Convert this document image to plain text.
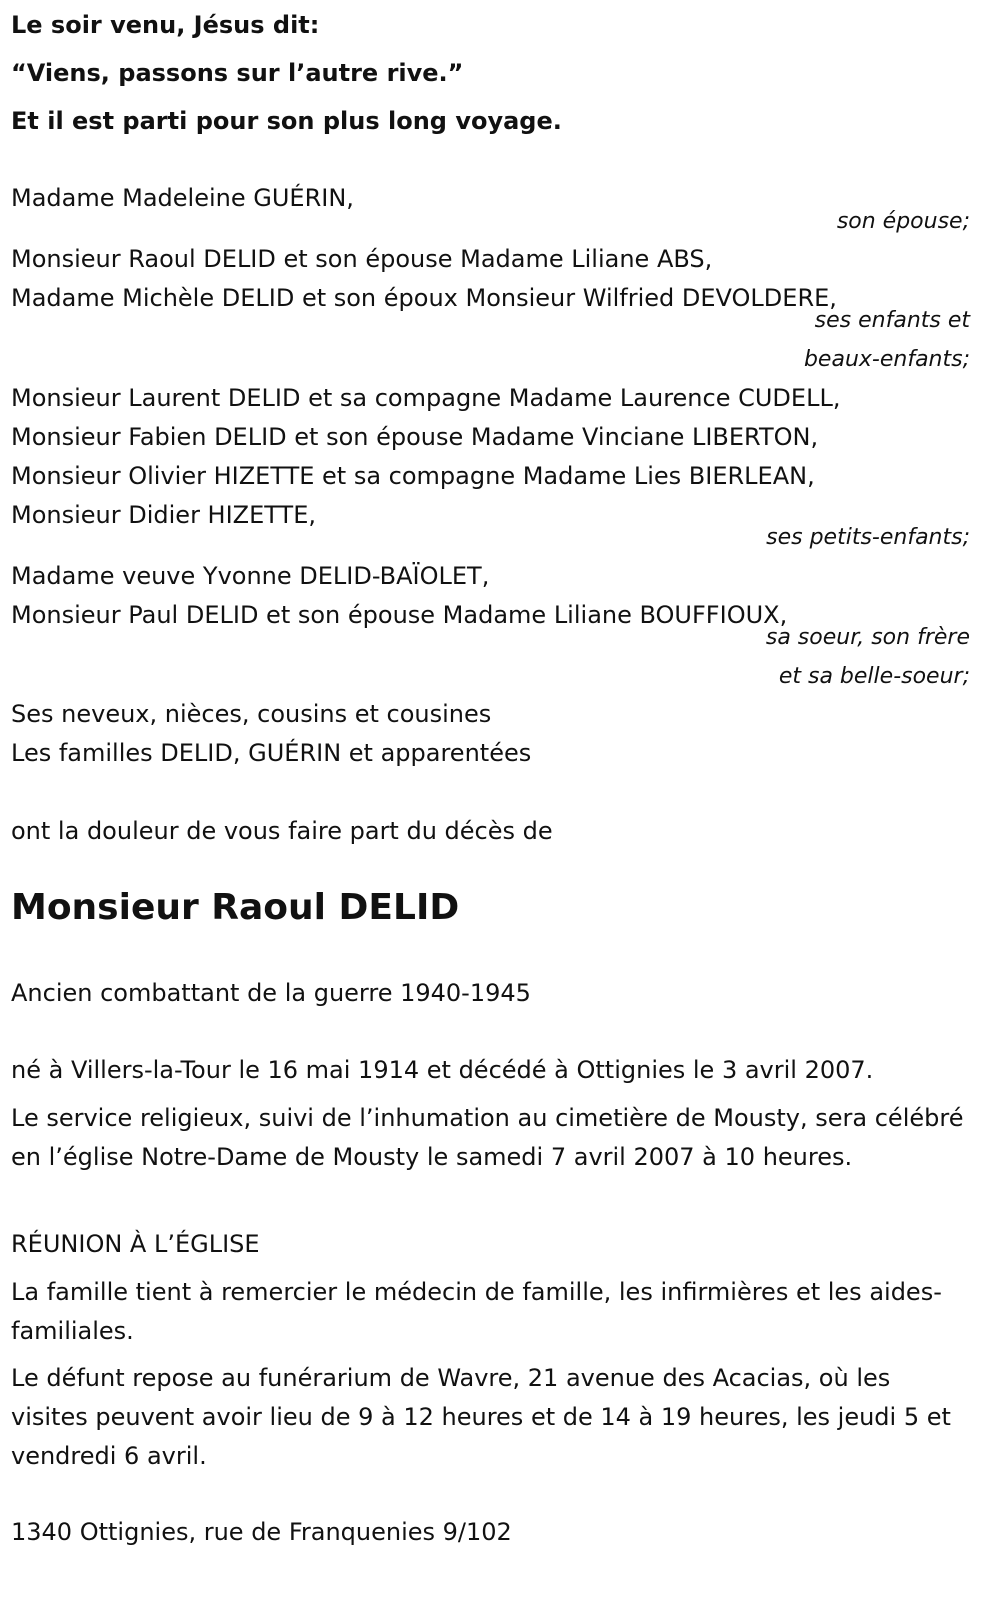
Le soir venu, Jésus dit:
“Viens, passons sur l’autre rive.”
Et il est parti pour son plus long voyage.
Madame Madeleine GUÉRIN,
son épouse;
Monsieur Raoul DELID et son épouse Madame Liliane ABS,
Madame Michèle DELID et son époux Monsieur Wilfried DEVOLDERE,
ses enfants et
beaux-enfants;
Monsieur Laurent DELID et sa compagne Madame Laurence CUDELL,
Monsieur Fabien DELID et son épouse Madame Vinciane LIBERTON,
Monsieur Olivier HIZETTE et sa compagne Madame Lies BIERLEAN,
Monsieur Didier HIZETTE,
ses petits-enfants;
Madame veuve Yvonne DELID-BAÏOLET,
Monsieur Paul DELID et son épouse Madame Liliane BOUFFIOUX,
sa soeur, son frère
et sa belle-soeur;
Ses neveux, nièces, cousins et cousines
Les familles DELID, GUÉRIN et apparentées
ont la douleur de vous faire part du décès de
Monsieur Raoul DELID
Ancien combattant de la guerre 1940-1945
né à Villers-la-Tour le 16 mai 1914 et décédé à Ottignies le 3 avril 2007.
Le service religieux, suivi de l’inhumation au cimetière de Mousty, sera célébré en l’église Notre-Dame de Mousty le samedi 7 avril 2007 à 10 heures.
RÉUNION À L’ÉGLISE
La famille tient à remercier le médecin de famille, les infirmières et les aides-familiales.
Le défunt repose au funérarium de Wavre, 21 avenue des Acacias, où les visites peuvent avoir lieu de 9 à 12 heures et de 14 à 19 heures, les jeudi 5 et vendredi 6 avril.
1340 Ottignies, rue de Franquenies 9/102
